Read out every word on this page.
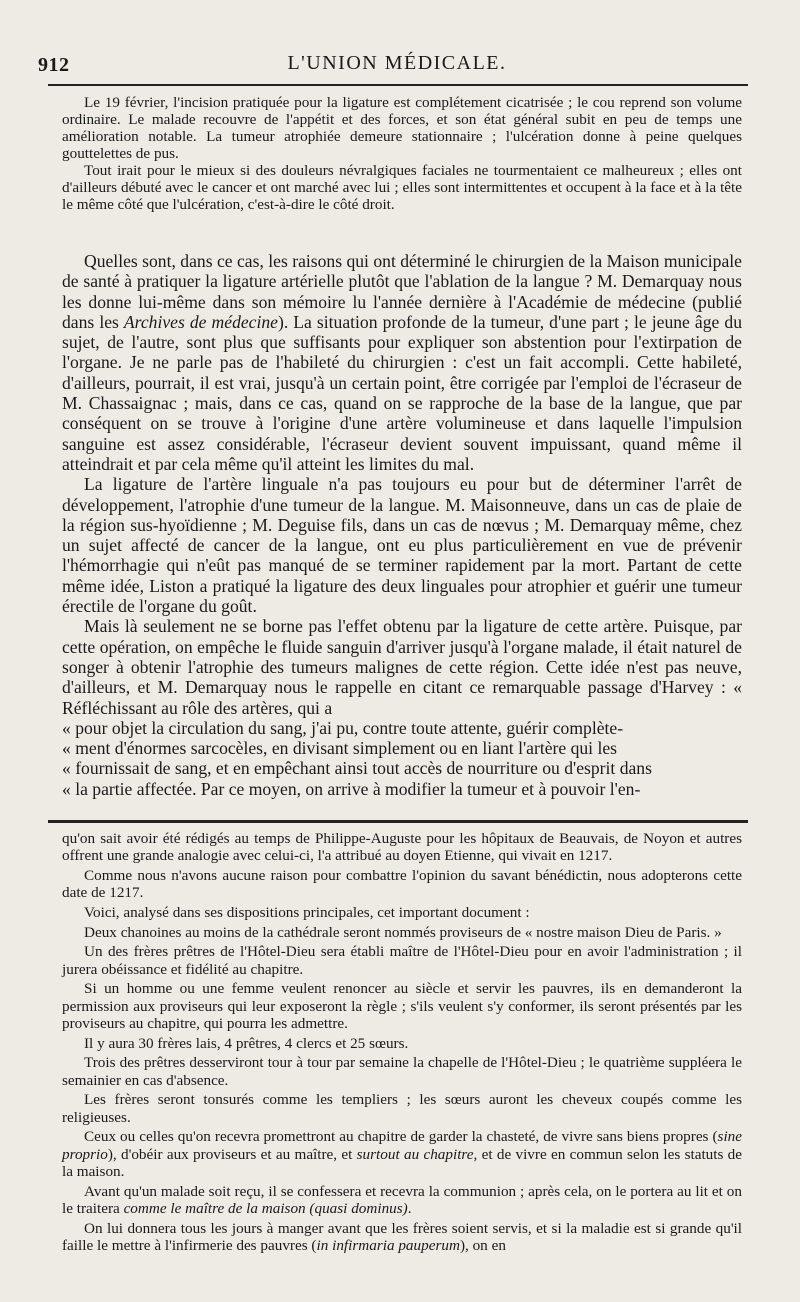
912	L'UNION MÉDICALE.

Le 19 février, l'incision pratiquée pour la ligature est complétement cicatrisée ; le cou reprend son volume ordinaire. Le malade recouvre de l'appétit et des forces, et son état général subit en peu de temps une amélioration notable. La tumeur atrophiée demeure stationnaire ; l'ulcération donne à peine quelques gouttelettes de pus.

Tout irait pour le mieux si des douleurs névralgiques faciales ne tourmentaient ce malheureux ; elles ont d'ailleurs débuté avec le cancer et ont marché avec lui ; elles sont intermittentes et occupent à la face et à la tête le même côté que l'ulcération, c'est-à-dire le côté droit.

Quelles sont, dans ce cas, les raisons qui ont déterminé le chirurgien de la Maison municipale de santé à pratiquer la ligature artérielle plutôt que l'ablation de la langue ? M. Demarquay nous les donne lui-même dans son mémoire lu l'année dernière à l'Académie de médecine (publié dans les Archives de médecine). La situation profonde de la tumeur, d'une part ; le jeune âge du sujet, de l'autre, sont plus que suffisants pour expliquer son abstention pour l'extirpation de l'organe. Je ne parle pas de l'habileté du chirurgien : c'est un fait accompli. Cette habileté, d'ailleurs, pourrait, il est vrai, jusqu'à un certain point, être corrigée par l'emploi de l'écraseur de M. Chassaignac ; mais, dans ce cas, quand on se rapproche de la base de la langue, que par conséquent on se trouve à l'origine d'une artère volumineuse et dans laquelle l'impulsion sanguine est assez considérable, l'écraseur devient souvent impuissant, quand même il atteindrait et par cela même qu'il atteint les limites du mal.

La ligature de l'artère linguale n'a pas toujours eu pour but de déterminer l'arrêt de développement, l'atrophie d'une tumeur de la langue. M. Maisonneuve, dans un cas de plaie de la région sus-hyoïdienne ; M. Deguise fils, dans un cas de nœvus ; M. Demarquay même, chez un sujet affecté de cancer de la langue, ont eu plus particulièrement en vue de prévenir l'hémorrhagie qui n'eût pas manqué de se terminer rapidement par la mort. Partant de cette même idée, Liston a pratiqué la ligature des deux linguales pour atrophier et guérir une tumeur érectile de l'organe du goût.

Mais là seulement ne se borne pas l'effet obtenu par la ligature de cette artère. Puisque, par cette opération, on empêche le fluide sanguin d'arriver jusqu'à l'organe malade, il était naturel de songer à obtenir l'atrophie des tumeurs malignes de cette région. Cette idée n'est pas neuve, d'ailleurs, et M. Demarquay nous le rappelle en citant ce remarquable passage d'Harvey : « Réfléchissant au rôle des artères, qui a

« pour objet la circulation du sang, j'ai pu, contre toute attente, guérir complète-

« ment d'énormes sarcocèles, en divisant simplement ou en liant l'artère qui les

« fournissait de sang, et en empêchant ainsi tout accès de nourriture ou d'esprit dans

« la partie affectée. Par ce moyen, on arrive à modifier la tumeur et à pouvoir l'en-

qu'on sait avoir été rédigés au temps de Philippe-Auguste pour les hôpitaux de Beauvais, de Noyon et autres offrent une grande analogie avec celui-ci, l'a attribué au doyen Etienne, qui vivait en 1217.

Comme nous n'avons aucune raison pour combattre l'opinion du savant bénédictin, nous adopterons cette date de 1217.

Voici, analysé dans ses dispositions principales, cet important document :

Deux chanoines au moins de la cathédrale seront nommés proviseurs de « nostre maison Dieu de Paris. »

Un des frères prêtres de l'Hôtel-Dieu sera établi maître de l'Hôtel-Dieu pour en avoir l'administration ; il jurera obéissance et fidélité au chapitre.

Si un homme ou une femme veulent renoncer au siècle et servir les pauvres, ils en demanderont la permission aux proviseurs qui leur exposeront la règle ; s'ils veulent s'y conformer, ils seront présentés par les proviseurs au chapitre, qui pourra les admettre.

Il y aura 30 frères lais, 4 prêtres, 4 clercs et 25 sœurs.

Trois des prêtres desserviront tour à tour par semaine la chapelle de l'Hôtel-Dieu ; le quatrième suppléera le semainier en cas d'absence.

Les frères seront tonsurés comme les templiers ; les sœurs auront les cheveux coupés comme les religieuses.

Ceux ou celles qu'on recevra promettront au chapitre de garder la chasteté, de vivre sans biens propres (sine proprio), d'obéir aux proviseurs et au maître, et surtout au chapitre, et de vivre en commun selon les statuts de la maison.

Avant qu'un malade soit reçu, il se confessera et recevra la communion ; après cela, on le portera au lit et on le traitera comme le maître de la maison (quasi dominus).

On lui donnera tous les jours à manger avant que les frères soient servis, et si la maladie est si grande qu'il faille le mettre à l'infirmerie des pauvres (in infirmaria pauperum), on en
